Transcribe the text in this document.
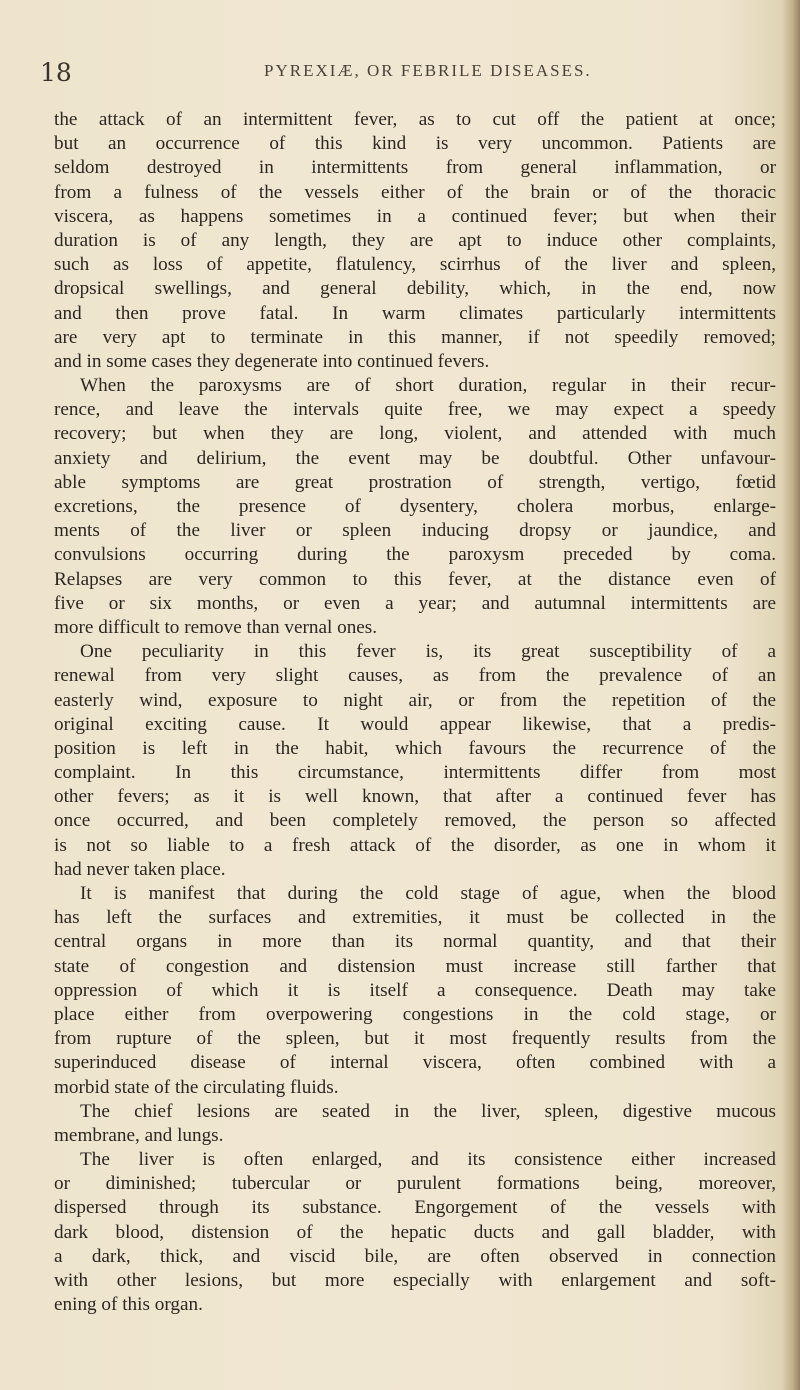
18	PYREXIÆ, OR FEBRILE DISEASES.
the attack of an intermittent fever, as to cut off the patient at once;
but an occurrence of this kind is very uncommon. Patients are
seldom destroyed in intermittents from general inflammation, or
from a fulness of the vessels either of the brain or of the thoracic
viscera, as happens sometimes in a continued fever; but when their
duration is of any length, they are apt to induce other complaints,
such as loss of appetite, flatulency, scirrhus of the liver and spleen,
dropsical swellings, and general debility, which, in the end, now
and then prove fatal. In warm climates particularly intermittents
are very apt to terminate in this manner, if not speedily removed;
and in some cases they degenerate into continued fevers.
When the paroxysms are of short duration, regular in their recur-
rence, and leave the intervals quite free, we may expect a speedy
recovery; but when they are long, violent, and attended with much
anxiety and delirium, the event may be doubtful. Other unfavour-
able symptoms are great prostration of strength, vertigo, fœtid
excretions, the presence of dysentery, cholera morbus, enlarge-
ments of the liver or spleen inducing dropsy or jaundice, and
convulsions occurring during the paroxysm preceded by coma.
Relapses are very common to this fever, at the distance even of
five or six months, or even a year; and autumnal intermittents are
more difficult to remove than vernal ones.
One peculiarity in this fever is, its great susceptibility of a
renewal from very slight causes, as from the prevalence of an
easterly wind, exposure to night air, or from the repetition of the
original exciting cause. It would appear likewise, that a predis-
position is left in the habit, which favours the recurrence of the
complaint. In this circumstance, intermittents differ from most
other fevers; as it is well known, that after a continued fever has
once occurred, and been completely removed, the person so affected
is not so liable to a fresh attack of the disorder, as one in whom it
had never taken place.
It is manifest that during the cold stage of ague, when the blood
has left the surfaces and extremities, it must be collected in the
central organs in more than its normal quantity, and that their
state of congestion and distension must increase still farther that
oppression of which it is itself a consequence. Death may take
place either from overpowering congestions in the cold stage, or
from rupture of the spleen, but it most frequently results from the
superinduced disease of internal viscera, often combined with a
morbid state of the circulating fluids.
The chief lesions are seated in the liver, spleen, digestive mucous
membrane, and lungs.
The liver is often enlarged, and its consistence either increased
or diminished; tubercular or purulent formations being, moreover,
dispersed through its substance. Engorgement of the vessels with
dark blood, distension of the hepatic ducts and gall bladder, with
a dark, thick, and viscid bile, are often observed in connection
with other lesions, but more especially with enlargement and soft-
ening of this organ.
